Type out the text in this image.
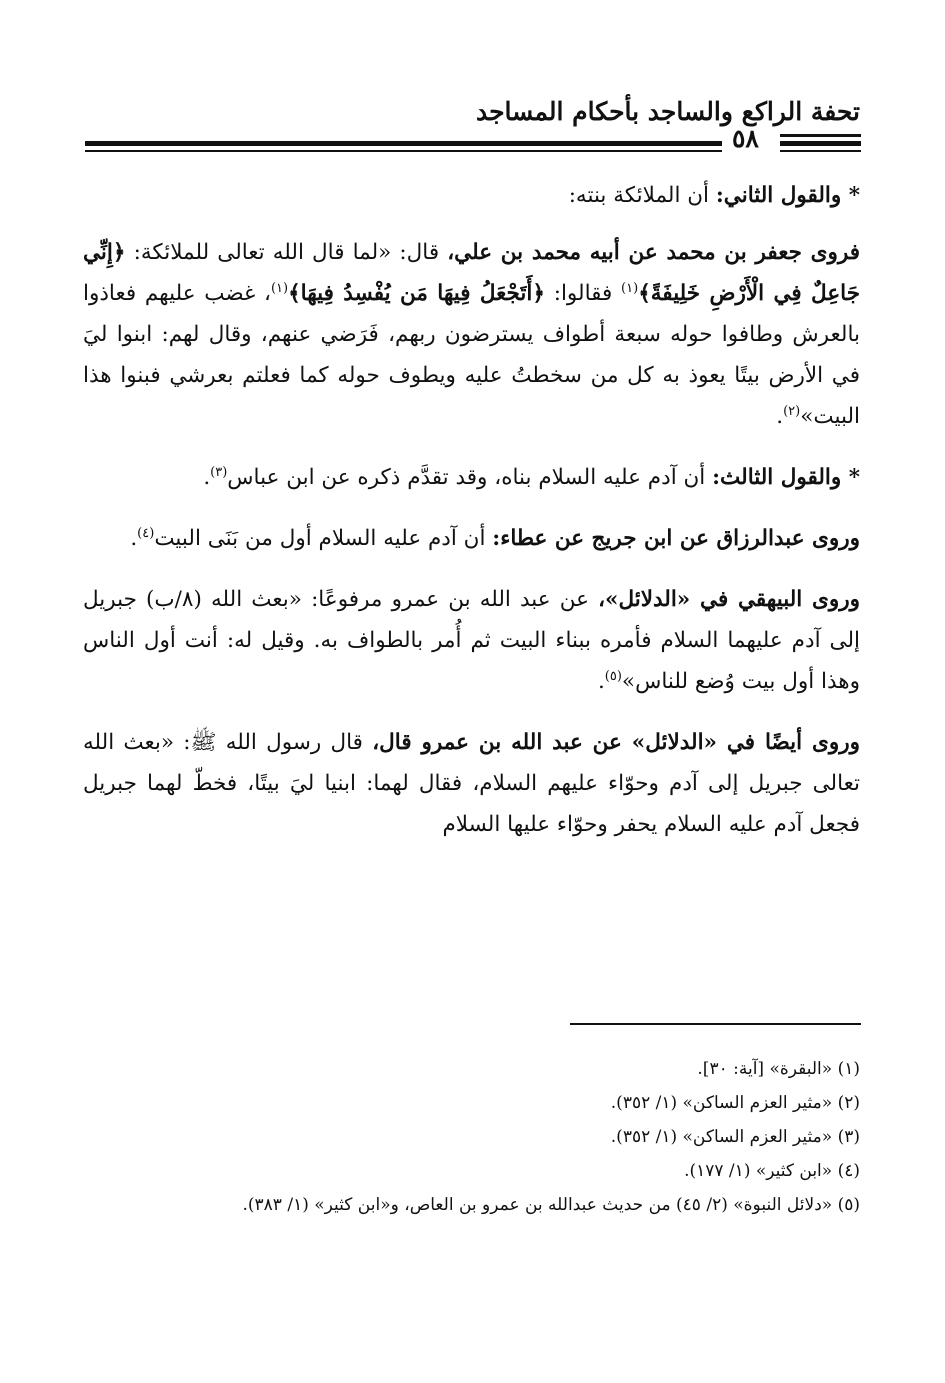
تحفة الراكع والساجد بأحكام المساجد
٥٨

* والقول الثاني: أن الملائكة بنته:

فروى جعفر بن محمد عن أبيه محمد بن علي، قال: «لما قال الله تعالى للملائكة: ﴿إِنِّي جَاعِلٌ فِي الْأَرْضِ خَلِيفَةً﴾$^{(١)}$ فقالوا: ﴿أَتَجْعَلُ فِيهَا مَن يُفْسِدُ فِيهَا﴾$^{(١)}$، غضب عليهم فعاذوا بالعرش وطافوا حوله سبعة أطواف يسترضون ربهم، فَرَضي عنهم، وقال لهم: ابنوا ليَ في الأرض بيتًا يعوذ به كل من سخطتُ عليه ويطوف حوله كما فعلتم بعرشي فبنوا هذا البيت»$^{(٢)}$.

* والقول الثالث: أن آدم عليه السلام بناه، وقد تقدَّم ذكره عن ابن عباس$^{(٣)}$.

وروى عبدالرزاق عن ابن جريج عن عطاء: أن آدم عليه السلام أول من بَنَى البيت$^{(٤)}$.

وروى البيهقي في «الدلائل»، عن عبد الله بن عمرو مرفوعًا: «بعث الله (٨/ب) جبريل إلى آدم عليهما السلام فأمره ببناء البيت ثم أُمر بالطواف به. وقيل له: أنت أول الناس وهذا أول بيت وُضع للناس»$^{(٥)}$.

وروى أيضًا في «الدلائل» عن عبد الله بن عمرو قال، قال رسول الله ﷺ: «بعث الله تعالى جبريل إلى آدم وحوّاء عليهم السلام، فقال لهما: ابنيا ليَ بيتًا، فخطّ لهما جبريل فجعل آدم عليه السلام يحفر وحوّاء عليها السلام

(١) «البقرة» [آية: ٣٠].
(٢) «مثير العزم الساكن» (١/ ٣٥٢).
(٣) «مثير العزم الساكن» (١/ ٣٥٢).
(٤) «ابن كثير» (١/ ١٧٧).
(٥) «دلائل النبوة» (٢/ ٤٥) من حديث عبدالله بن عمرو بن العاص، و«ابن كثير» (١/ ٣٨٣).
